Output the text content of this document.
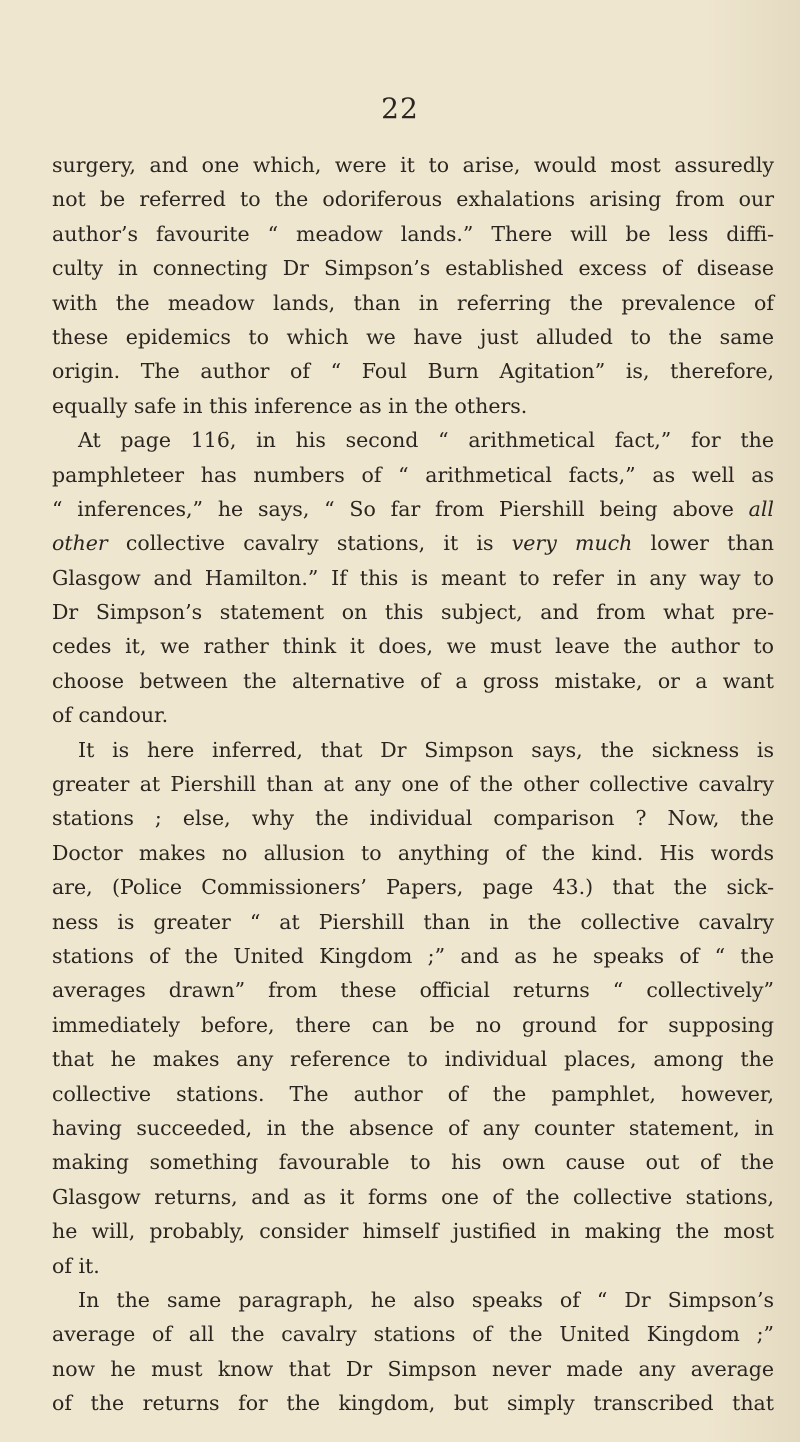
22
surgery, and one which, were it to arise, would most assuredly
not be referred to the odoriferous exhalations arising from our
author’s favourite “ meadow lands.” There will be less diffi-
culty in connecting Dr Simpson’s established excess of disease
with the meadow lands, than in referring the prevalence of
these epidemics to which we have just alluded to the same
origin. The author of “ Foul Burn Agitation” is, therefore,
equally safe in this inference as in the others.
At page 116, in his second “ arithmetical fact,” for the
pamphleteer has numbers of “ arithmetical facts,” as well as
“ inferences,” he says, “ So far from Piershill being above all
other collective cavalry stations, it is very much lower than
Glasgow and Hamilton.” If this is meant to refer in any way to
Dr Simpson’s statement on this subject, and from what pre-
cedes it, we rather think it does, we must leave the author to
choose between the alternative of a gross mistake, or a want
of candour.
It is here inferred, that Dr Simpson says, the sickness is
greater at Piershill than at any one of the other collective cavalry
stations ; else, why the individual comparison ? Now, the
Doctor makes no allusion to anything of the kind. His words
are, (Police Commissioners’ Papers, page 43.) that the sick-
ness is greater “ at Piershill than in the collective cavalry
stations of the United Kingdom ;” and as he speaks of “ the
averages drawn” from these official returns “ collectively”
immediately before, there can be no ground for supposing
that he makes any reference to individual places, among the
collective stations. The author of the pamphlet, however,
having succeeded, in the absence of any counter statement, in
making something favourable to his own cause out of the
Glasgow returns, and as it forms one of the collective stations,
he will, probably, consider himself justified in making the most
of it.
In the same paragraph, he also speaks of “ Dr Simpson’s
average of all the cavalry stations of the United Kingdom ;”
now he must know that Dr Simpson never made any average
of the returns for the kingdom, but simply transcribed that
